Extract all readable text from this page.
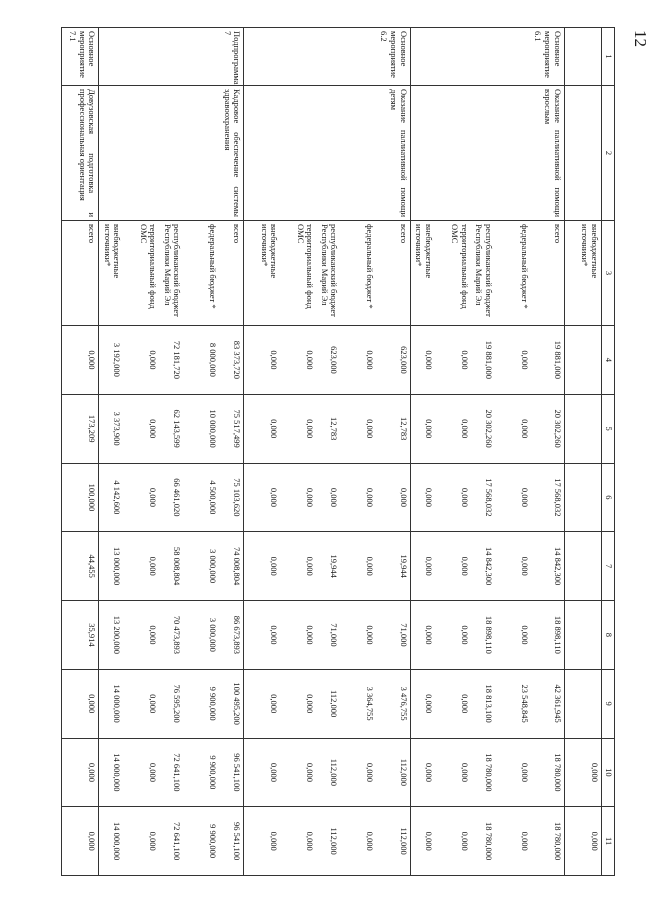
12
1	2	3	4	5	6	7	8	9	10	11
		внебюджетные источники*							0,000	0,000
Основное мероприятие 6.1	Оказание паллиативной помощи взрослым	всего	19 881,000	20 302,260	17 568,032	14 842,300	18 898,110	42 361,945	18 780,000	18 780,000
		федеральный бюджет *	0,000	0,000	0,000	0,000	0,000	23 548,845	0,000	0,000
		республиканский бюджет Республики Марий Эл	19 881,000	20 302,260	17 568,032	14 842,300	18 898,110	18 813,100	18 780,000	18 780,000
		территориальный фонд ОМС	0,000	0,000	0,000	0,000	0,000	0,000	0,000	0,000
		внебюджетные источники*	0,000	0,000	0,000	0,000	0,000	0,000	0,000	0,000
Основное мероприятие 6.2	Оказание паллиативной помощи детям	всего	623,000	12,783	0,000	19,944	71,000	3 476,755	112,000	112,000
		федеральный бюджет *	0,000	0,000	0,000	0,000	0,000	3 364,755	0,000	0,000
		республиканский бюджет Республики Марий Эл	623,000	12,783	0,000	19,944	71,000	112,000	112,000	112,000
		территориальный фонд ОМС	0,000	0,000	0,000	0,000	0,000	0,000	0,000	0,000
		внебюджетные источники*	0,000	0,000	0,000	0,000	0,000	0,000	0,000	0,000
Подпрограмма 7	Кадровое обеспечение системы здравоохранения	всего	83 373,720	75 517,499	75 103,620	74 008,804	86 673,893	100 495,200	96 541,100	96 541,100
		федеральный бюджет *	8 000,000	10 000,000	4 500,000	3 000,000	3 000,000	9 900,000	9 900,000	9 900,000
		республиканский бюджет Республики Марий Эл	72 181,720	62 143,599	66 461,020	58 008,804	70 473,893	76 595,200	72 641,100	72 641,100
		территориальный фонд ОМС	0,000	0,000	0,000	0,000	0,000	0,000	0,000	0,000
		внебюджетные источники*	3 192,000	3 373,900	4 142,600	13 000,000	13 200,000	14 000,000	14 000,000	14 000,000
Основное мероприятие 7.1	Довузовская подготовка и профессиональная ориентация	всего	0,000	173,209	100,000	44,455	35,914	0,000	0,000	0,000
